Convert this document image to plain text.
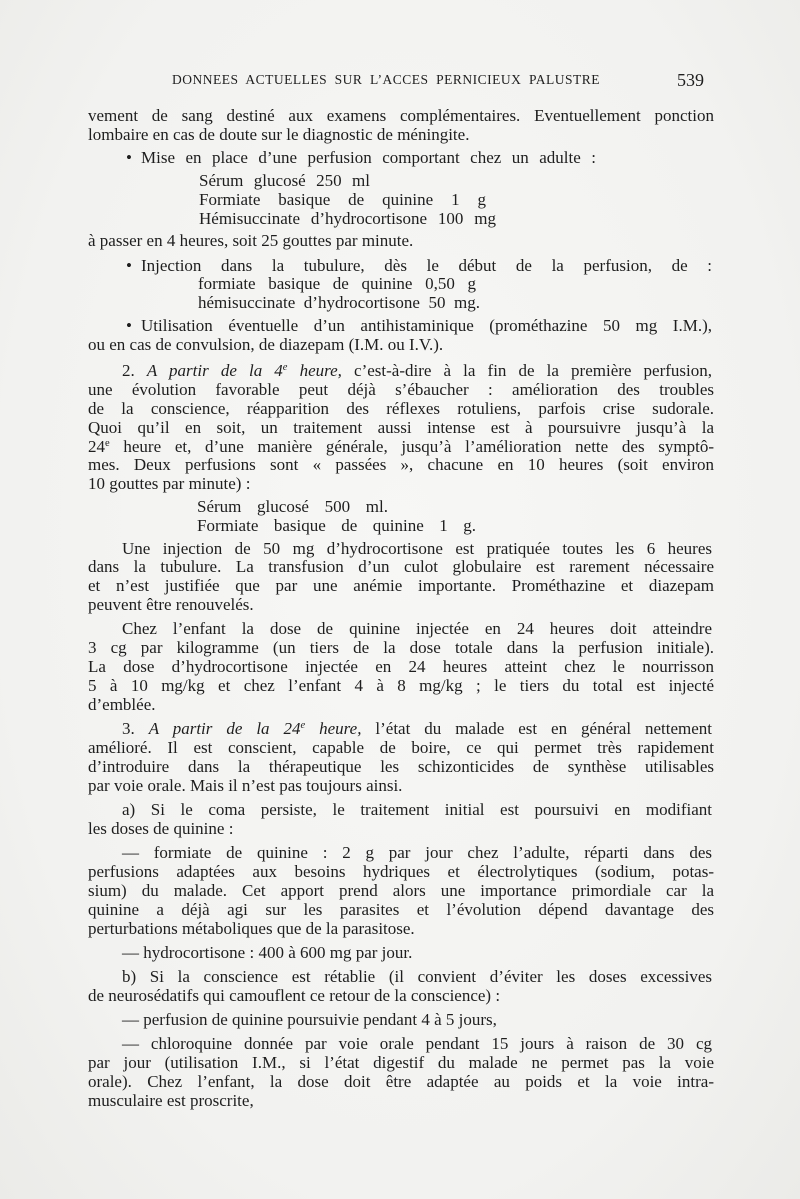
DONNEES ACTUELLES SUR L’ACCES PERNICIEUX PALUSTRE	539
vement de sang destiné aux examens complémentaires. Eventuellement ponction
lombaire en cas de doute sur le diagnostic de méningite.
• Mise en place d’une perfusion comportant chez un adulte :
Sérum glucosé 250 ml
Formiate basique de quinine 1 g
Hémisuccinate d’hydrocortisone 100 mg
à passer en 4 heures, soit 25 gouttes par minute.
• Injection dans la tubulure, dès le début de la perfusion, de :
formiate basique de quinine 0,50 g
hémisuccinate d’hydrocortisone 50 mg.
• Utilisation éventuelle d’un antihistaminique (prométhazine 50 mg I.M.),
ou en cas de convulsion, de diazepam (I.M. ou I.V.).
2. A partir de la 4e heure, c’est-à-dire à la fin de la première perfusion,
une évolution favorable peut déjà s’ébaucher : amélioration des troubles
de la conscience, réapparition des réflexes rotuliens, parfois crise sudorale.
Quoi qu’il en soit, un traitement aussi intense est à poursuivre jusqu’à la
24e heure et, d’une manière générale, jusqu’à l’amélioration nette des symptô-
mes. Deux perfusions sont « passées », chacune en 10 heures (soit environ
10 gouttes par minute) :
Sérum glucosé 500 ml.
Formiate basique de quinine 1 g.
Une injection de 50 mg d’hydrocortisone est pratiquée toutes les 6 heures
dans la tubulure. La transfusion d’un culot globulaire est rarement nécessaire
et n’est justifiée que par une anémie importante. Prométhazine et diazepam
peuvent être renouvelés.
Chez l’enfant la dose de quinine injectée en 24 heures doit atteindre
3 cg par kilogramme (un tiers de la dose totale dans la perfusion initiale).
La dose d’hydrocortisone injectée en 24 heures atteint chez le nourrisson
5 à 10 mg/kg et chez l’enfant 4 à 8 mg/kg ; le tiers du total est injecté
d’emblée.
3. A partir de la 24e heure, l’état du malade est en général nettement
amélioré. Il est conscient, capable de boire, ce qui permet très rapidement
d’introduire dans la thérapeutique les schizonticides de synthèse utilisables
par voie orale. Mais il n’est pas toujours ainsi.
a) Si le coma persiste, le traitement initial est poursuivi en modifiant
les doses de quinine :
— formiate de quinine : 2 g par jour chez l’adulte, réparti dans des
perfusions adaptées aux besoins hydriques et électrolytiques (sodium, potas-
sium) du malade. Cet apport prend alors une importance primordiale car la
quinine a déjà agi sur les parasites et l’évolution dépend davantage des
perturbations métaboliques que de la parasitose.
— hydrocortisone : 400 à 600 mg par jour.
b) Si la conscience est rétablie (il convient d’éviter les doses excessives
de neurosédatifs qui camouflent ce retour de la conscience) :
— perfusion de quinine poursuivie pendant 4 à 5 jours,
— chloroquine donnée par voie orale pendant 15 jours à raison de 30 cg
par jour (utilisation I.M., si l’état digestif du malade ne permet pas la voie
orale). Chez l’enfant, la dose doit être adaptée au poids et la voie intra-
musculaire est proscrite,
